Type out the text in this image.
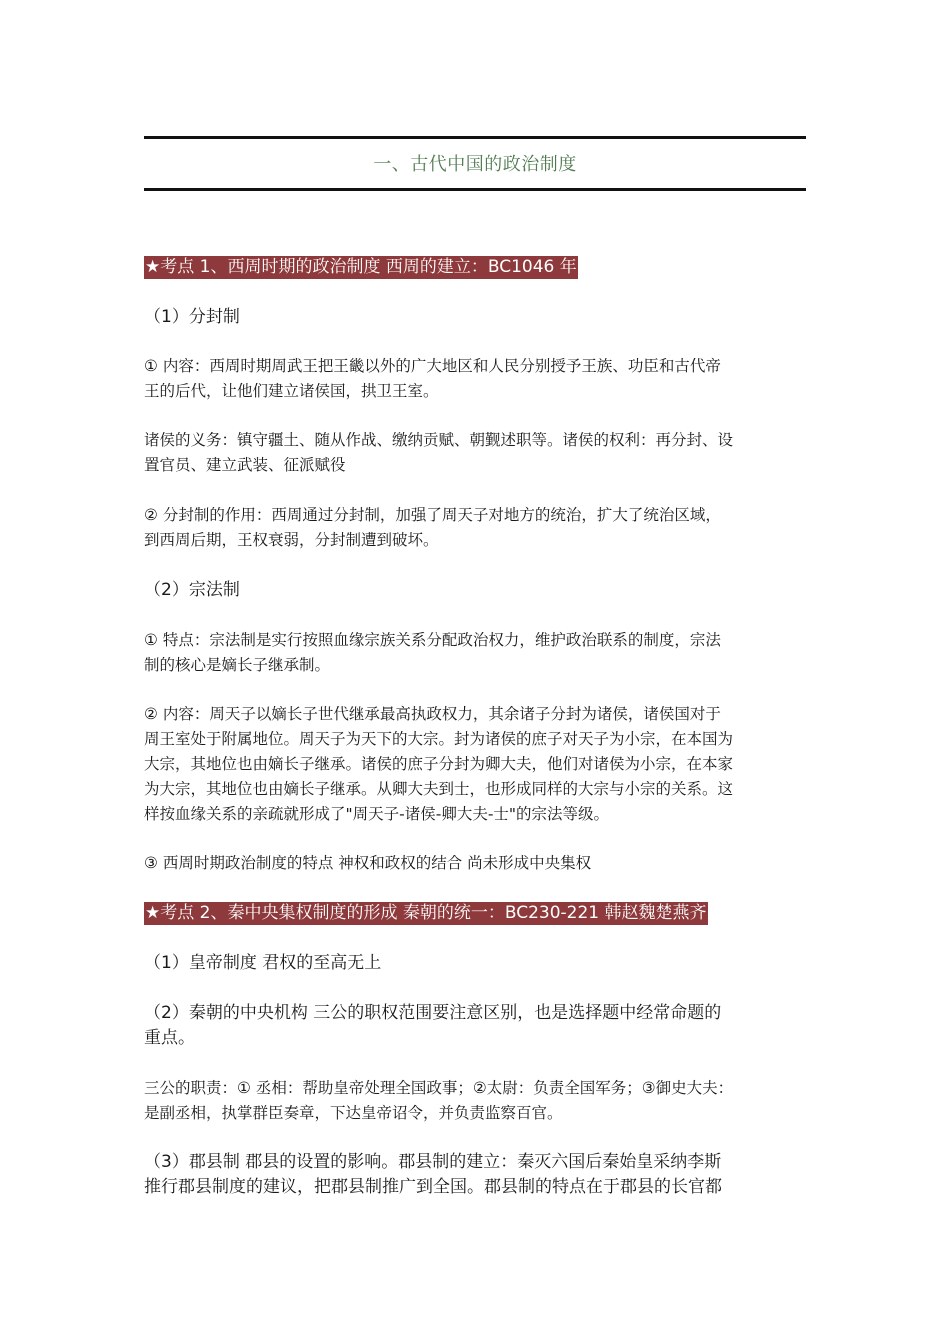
一、古代中国的政治制度
★考点 1、西周时期的政治制度 西周的建立：BC1046 年
（1）分封制
① 内容：西周时期周武王把王畿以外的广大地区和人民分别授予王族、功臣和古代帝
王的后代，让他们建立诸侯国，拱卫王室。
诸侯的义务：镇守疆土、随从作战、缴纳贡赋、朝觐述职等。诸侯的权利：再分封、设
置官员、建立武装、征派赋役
② 分封制的作用：西周通过分封制，加强了周天子对地方的统治，扩大了统治区域，
到西周后期，王权衰弱，分封制遭到破坏。
（2）宗法制
① 特点：宗法制是实行按照血缘宗族关系分配政治权力，维护政治联系的制度，宗法
制的核心是嫡长子继承制。
② 内容：周天子以嫡长子世代继承最高执政权力，其余诸子分封为诸侯，诸侯国对于
周王室处于附属地位。周天子为天下的大宗。封为诸侯的庶子对天子为小宗，在本国为
大宗，其地位也由嫡长子继承。诸侯的庶子分封为卿大夫，他们对诸侯为小宗，在本家
为大宗，其地位也由嫡长子继承。从卿大夫到士，也形成同样的大宗与小宗的关系。这
样按血缘关系的亲疏就形成了"周天子-诸侯-卿大夫-士"的宗法等级。
③ 西周时期政治制度的特点 神权和政权的结合 尚未形成中央集权
★考点 2、秦中央集权制度的形成 秦朝的统一：BC230-221 韩赵魏楚燕齐
（1）皇帝制度 君权的至高无上
（2）秦朝的中央机构 三公的职权范围要注意区别，也是选择题中经常命题的
重点。
三公的职责：① 丞相：帮助皇帝处理全国政事；②太尉：负责全国军务；③御史大夫：
是副丞相，执掌群臣奏章，下达皇帝诏令，并负责监察百官。
（3）郡县制 郡县的设置的影响。郡县制的建立：秦灭六国后秦始皇采纳李斯
推行郡县制度的建议，把郡县制推广到全国。郡县制的特点在于郡县的长官都
